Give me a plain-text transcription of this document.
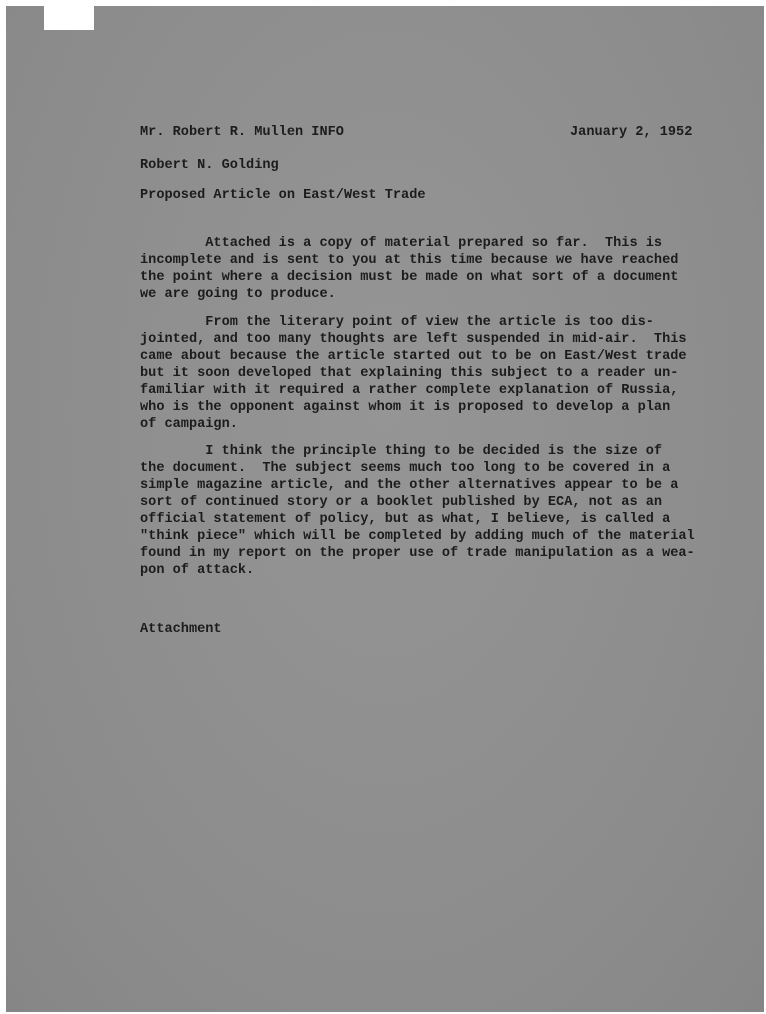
Mr. Robert R. Mullen INFO	January 2, 1952
Robert N. Golding
Proposed Article on East/West Trade
Attached is a copy of material prepared so far.  This is
incomplete and is sent to you at this time because we have reached
the point where a decision must be made on what sort of a document
we are going to produce.
From the literary point of view the article is too dis-
jointed, and too many thoughts are left suspended in mid-air.  This
came about because the article started out to be on East/West trade
but it soon developed that explaining this subject to a reader un-
familiar with it required a rather complete explanation of Russia,
who is the opponent against whom it is proposed to develop a plan
of campaign.
I think the principle thing to be decided is the size of
the document.  The subject seems much too long to be covered in a
simple magazine article, and the other alternatives appear to be a
sort of continued story or a booklet published by ECA, not as an
official statement of policy, but as what, I believe, is called a
"think piece" which will be completed by adding much of the material
found in my report on the proper use of trade manipulation as a wea-
pon of attack.
Attachment
